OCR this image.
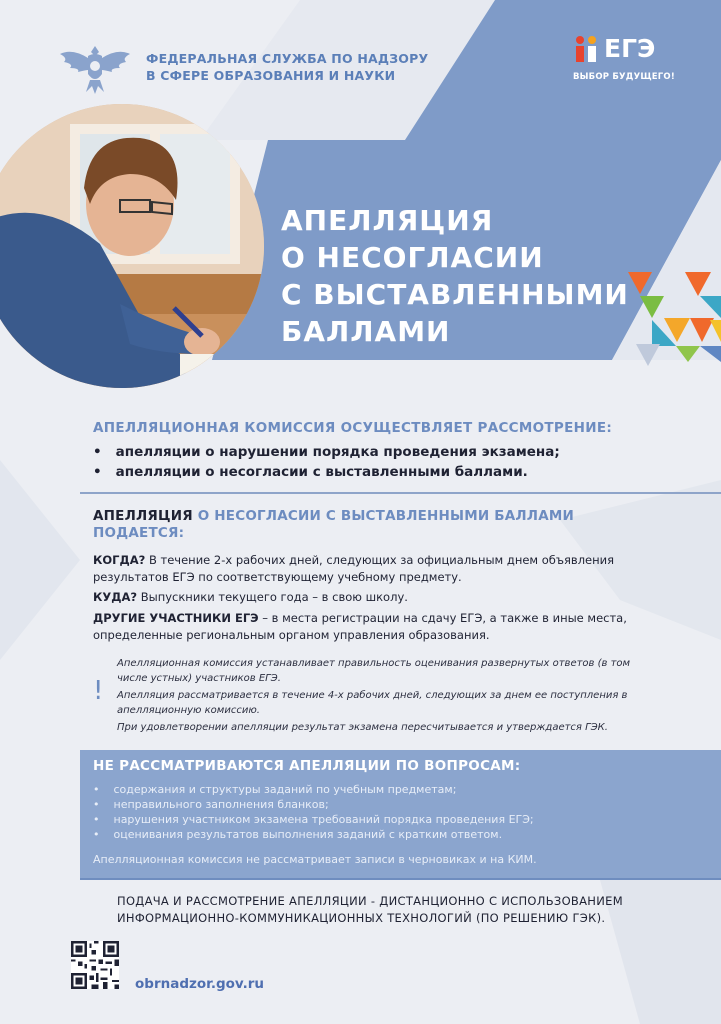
ФЕДЕРАЛЬНАЯ СЛУЖБА ПО НАДЗОРУ
В СФЕРЕ ОБРАЗОВАНИЯ И НАУКИ
ЕГЭ
ВЫБОР БУДУЩЕГО!
АПЕЛЛЯЦИЯ
О НЕСОГЛАСИИ
С ВЫСТАВЛЕННЫМИ
БАЛЛАМИ
АПЕЛЛЯЦИОННАЯ КОМИССИЯ ОСУЩЕСТВЛЯЕТ РАССМОТРЕНИЕ:
• апелляции о нарушении порядка проведения экзамена;
• апелляции о несогласии с выставленными баллами.
АПЕЛЛЯЦИЯ О НЕСОГЛАСИИ С ВЫСТАВЛЕННЫМИ БАЛЛАМИ
ПОДАЕТСЯ:
КОГДА? В течение 2-х рабочих дней, следующих за официальным днем объявления результатов ЕГЭ по соответствующему учебному предмету.
КУДА? Выпускники текущего года – в свою школу.
ДРУГИЕ УЧАСТНИКИ ЕГЭ – в места регистрации на сдачу ЕГЭ, а также в иные места, определенные региональным органом управления образования.
!

Апелляционная комиссия устанавливает правильность оценивания развернутых ответов (в том числе устных) участников ЕГЭ.

Апелляция рассматривается в течение 4-х рабочих дней, следующих за днем ее поступления в апелляционную комиссию.

При удовлетворении апелляции результат экзамена пересчитывается и утверждается ГЭК.

НЕ РАССМАТРИВАЮТСЯ АПЕЛЛЯЦИИ ПО ВОПРОСАМ:
• содержания и структуры заданий по учебным предметам;
• неправильного заполнения бланков;
• нарушения участником экзамена требований порядка проведения ЕГЭ;
• оценивания результатов выполнения заданий с кратким ответом.
Апелляционная комиссия не рассматривает записи в черновиках и на КИМ.
ПОДАЧА И РАССМОТРЕНИЕ АПЕЛЛЯЦИИ - ДИСТАНЦИОННО С ИСПОЛЬЗОВАНИЕМ
ИНФОРМАЦИОННО-КОММУНИКАЦИОННЫХ ТЕХНОЛОГИЙ (ПО РЕШЕНИЮ ГЭК).
obrnadzor.gov.ru
